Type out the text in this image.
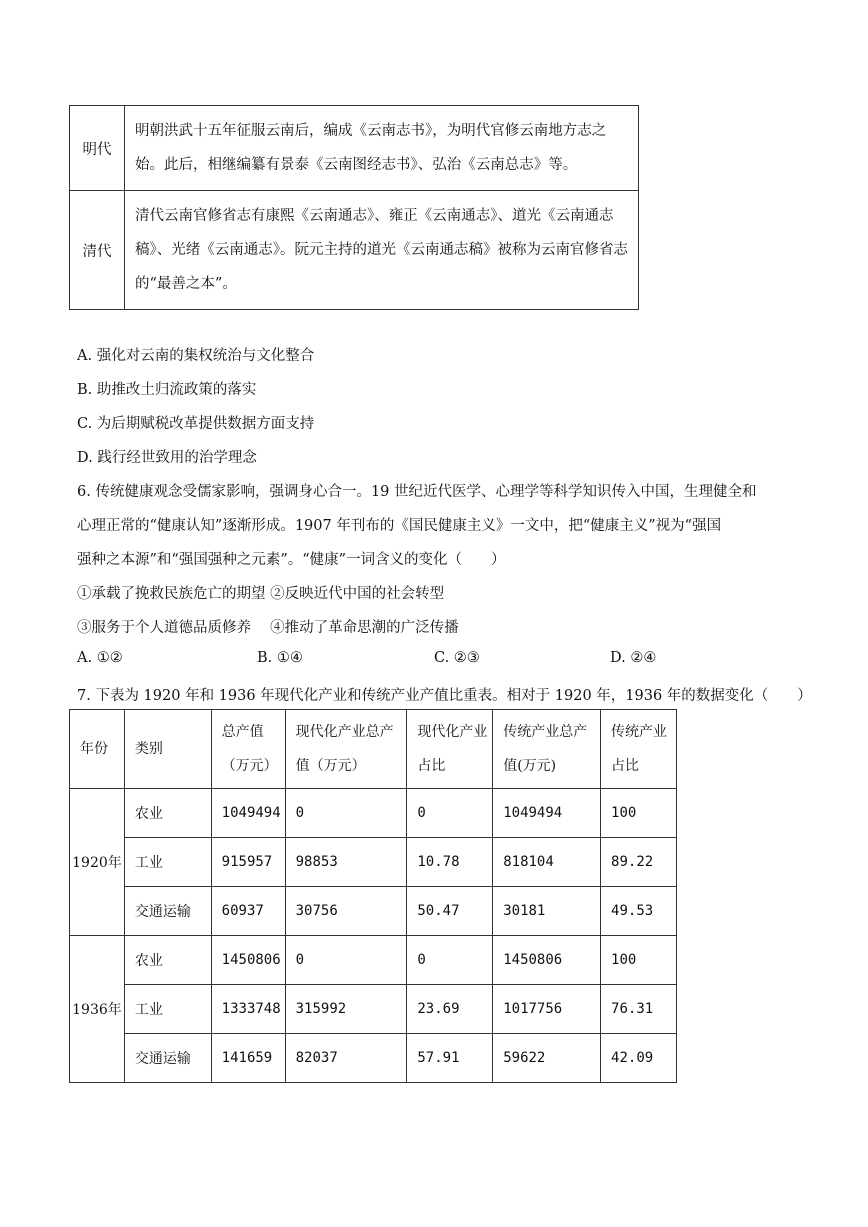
明代	明朝洪武十五年征服云南后，编成《云南志书》，为明代官修云南地方志之始。此后，相继编纂有景泰《云南图经志书》、弘治《云南总志》等。
清代	清代云南官修省志有康熙《云南通志》、雍正《云南通志》、道光《云南通志稿》、光绪《云南通志》。阮元主持的道光《云南通志稿》被称为云南官修省志的“最善之本”。
A. 强化对云南的集权统治与文化整合
B. 助推改土归流政策的落实
C. 为后期赋税改革提供数据方面支持
D. 践行经世致用的治学理念
6. 传统健康观念受儒家影响，强调身心合一。19 世纪近代医学、心理学等科学知识传入中国，生理健全和
心理正常的“健康认知”逐渐形成。1907 年刊布的《国民健康主义》一文中，把“健康主义”视为“强国
强种之本源”和“强国强种之元素”。“健康”一词含义的变化（　　）
①承载了挽救民族危亡的期望 ②反映近代中国的社会转型
③服务于个人道德品质修养　 ④推动了革命思潮的广泛传播
A. ①②	B. ①④	C. ②③	D. ②④
7. 下表为 1920 年和 1936 年现代化产业和传统产业产值比重表。相对于 1920 年，1936 年的数据变化（　　）
年份	类别	总产值（万元）	现代化产业总产值（万元）	现代化产业占比	传统产业总产值(万元)	传统产业占比
1920年	农业	1049494	0	0	1049494	100
	工业	915957	98853	10.78	818104	89.22
	交通运输	60937	30756	50.47	30181	49.53
1936年	农业	1450806	0	0	1450806	100
	工业	1333748	315992	23.69	1017756	76.31
	交通运输	141659	82037	57.91	59622	42.09
